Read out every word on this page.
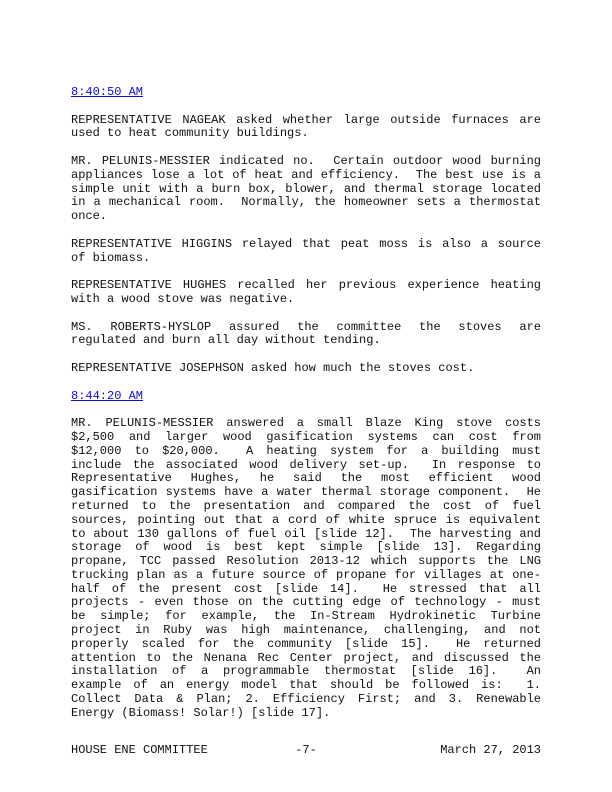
8:40:50 AM
REPRESENTATIVE NAGEAK asked whether large outside furnaces are
used to heat community buildings.
MR. PELUNIS-MESSIER indicated no.  Certain outdoor wood burning
appliances lose a lot of heat and efficiency.  The best use is a
simple unit with a burn box, blower, and thermal storage located
in a mechanical room.  Normally, the homeowner sets a thermostat
once.
REPRESENTATIVE HIGGINS relayed that peat moss is also a source
of biomass.
REPRESENTATIVE HUGHES recalled her previous experience heating
with a wood stove was negative.
MS. ROBERTS-HYSLOP assured the committee the stoves are
regulated and burn all day without tending.
REPRESENTATIVE JOSEPHSON asked how much the stoves cost.
8:44:20 AM
MR. PELUNIS-MESSIER answered a small Blaze King stove costs
$2,500 and larger wood gasification systems can cost from
$12,000 to $20,000.  A heating system for a building must
include the associated wood delivery set-up.  In response to
Representative Hughes, he said the most efficient wood
gasification systems have a water thermal storage component.  He
returned to the presentation and compared the cost of fuel
sources, pointing out that a cord of white spruce is equivalent
to about 130 gallons of fuel oil [slide 12].  The harvesting and
storage of wood is best kept simple [slide 13]. Regarding
propane, TCC passed Resolution 2013-12 which supports the LNG
trucking plan as a future source of propane for villages at one-
half of the present cost [slide 14].  He stressed that all
projects - even those on the cutting edge of technology - must
be simple; for example, the In-Stream Hydrokinetic Turbine
project in Ruby was high maintenance, challenging, and not
properly scaled for the community [slide 15].  He returned
attention to the Nenana Rec Center project, and discussed the
installation of a programmable thermostat [slide 16].  An
example of an energy model that should be followed is:  1.
Collect Data & Plan; 2. Efficiency First; and 3. Renewable
Energy (Biomass! Solar!) [slide 17].
HOUSE ENE COMMITTEE	-7-	March 27, 2013
